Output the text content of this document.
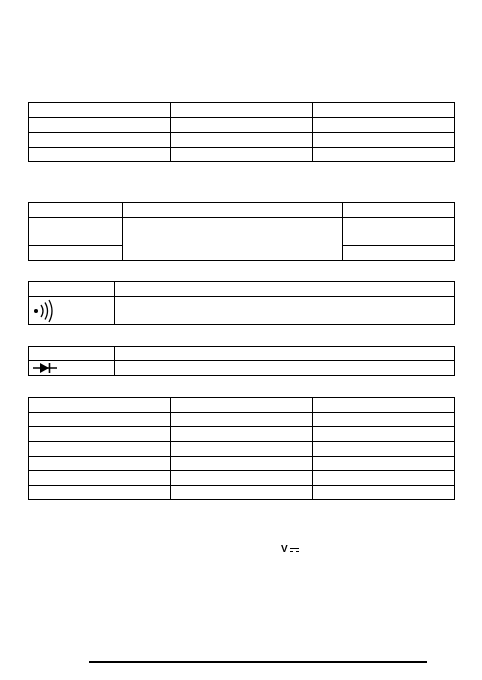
V
